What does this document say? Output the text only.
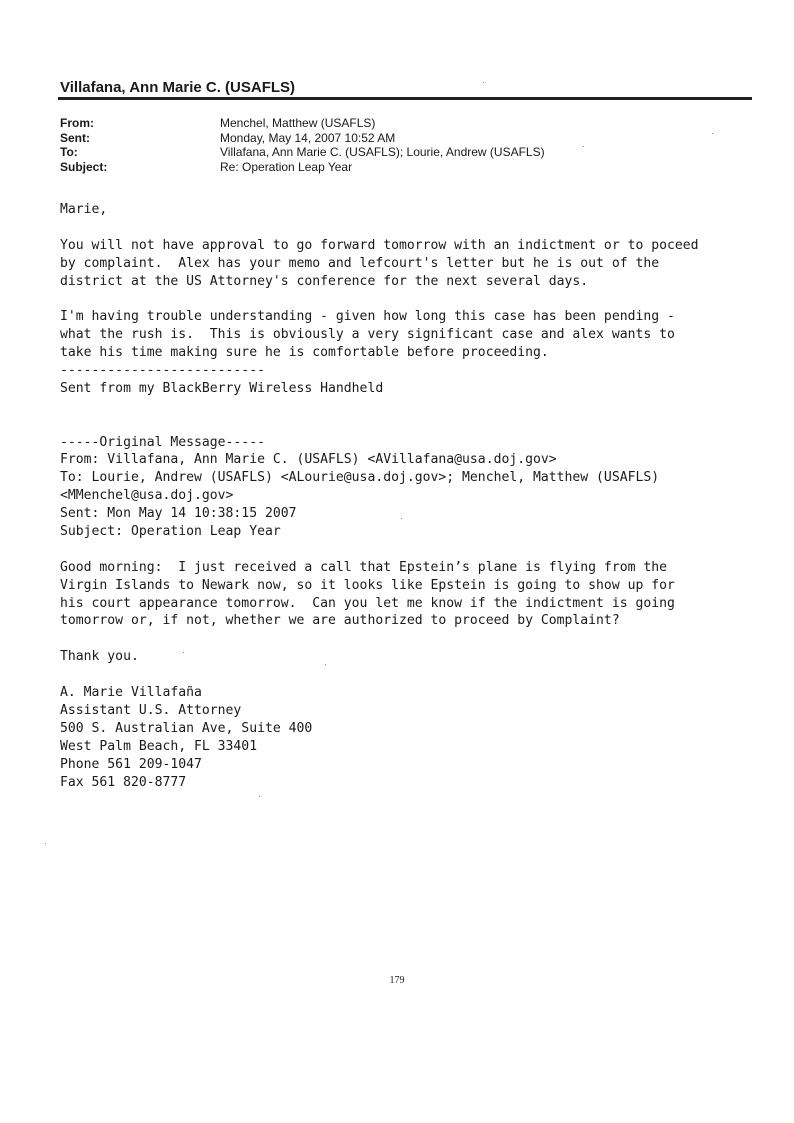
Villafana, Ann Marie C. (USAFLS)
From:	Menchel, Matthew (USAFLS)
Sent:	Monday, May 14, 2007 10:52 AM
To:	Villafana, Ann Marie C. (USAFLS); Lourie, Andrew (USAFLS)
Subject:	Re: Operation Leap Year
Marie,
You will not have approval to go forward tomorrow with an indictment or to poceed
by complaint.  Alex has your memo and lefcourt's letter but he is out of the
district at the US Attorney's conference for the next several days.
I'm having trouble understanding - given how long this case has been pending -
what the rush is.  This is obviously a very significant case and alex wants to
take his time making sure he is comfortable before proceeding.
--------------------------
Sent from my BlackBerry Wireless Handheld
-----Original Message-----
From: Villafana, Ann Marie C. (USAFLS) <AVillafana@usa.doj.gov>
To: Lourie, Andrew (USAFLS) <ALourie@usa.doj.gov>; Menchel, Matthew (USAFLS)
<MMenchel@usa.doj.gov>
Sent: Mon May 14 10:38:15 2007
Subject: Operation Leap Year
Good morning:  I just received a call that Epstein’s plane is flying from the
Virgin Islands to Newark now, so it looks like Epstein is going to show up for
his court appearance tomorrow.  Can you let me know if the indictment is going
tomorrow or, if not, whether we are authorized to proceed by Complaint?
Thank you.
A. Marie Villafaña
Assistant U.S. Attorney
500 S. Australian Ave, Suite 400
West Palm Beach, FL 33401
Phone 561 209-1047
Fax 561 820-8777
179
